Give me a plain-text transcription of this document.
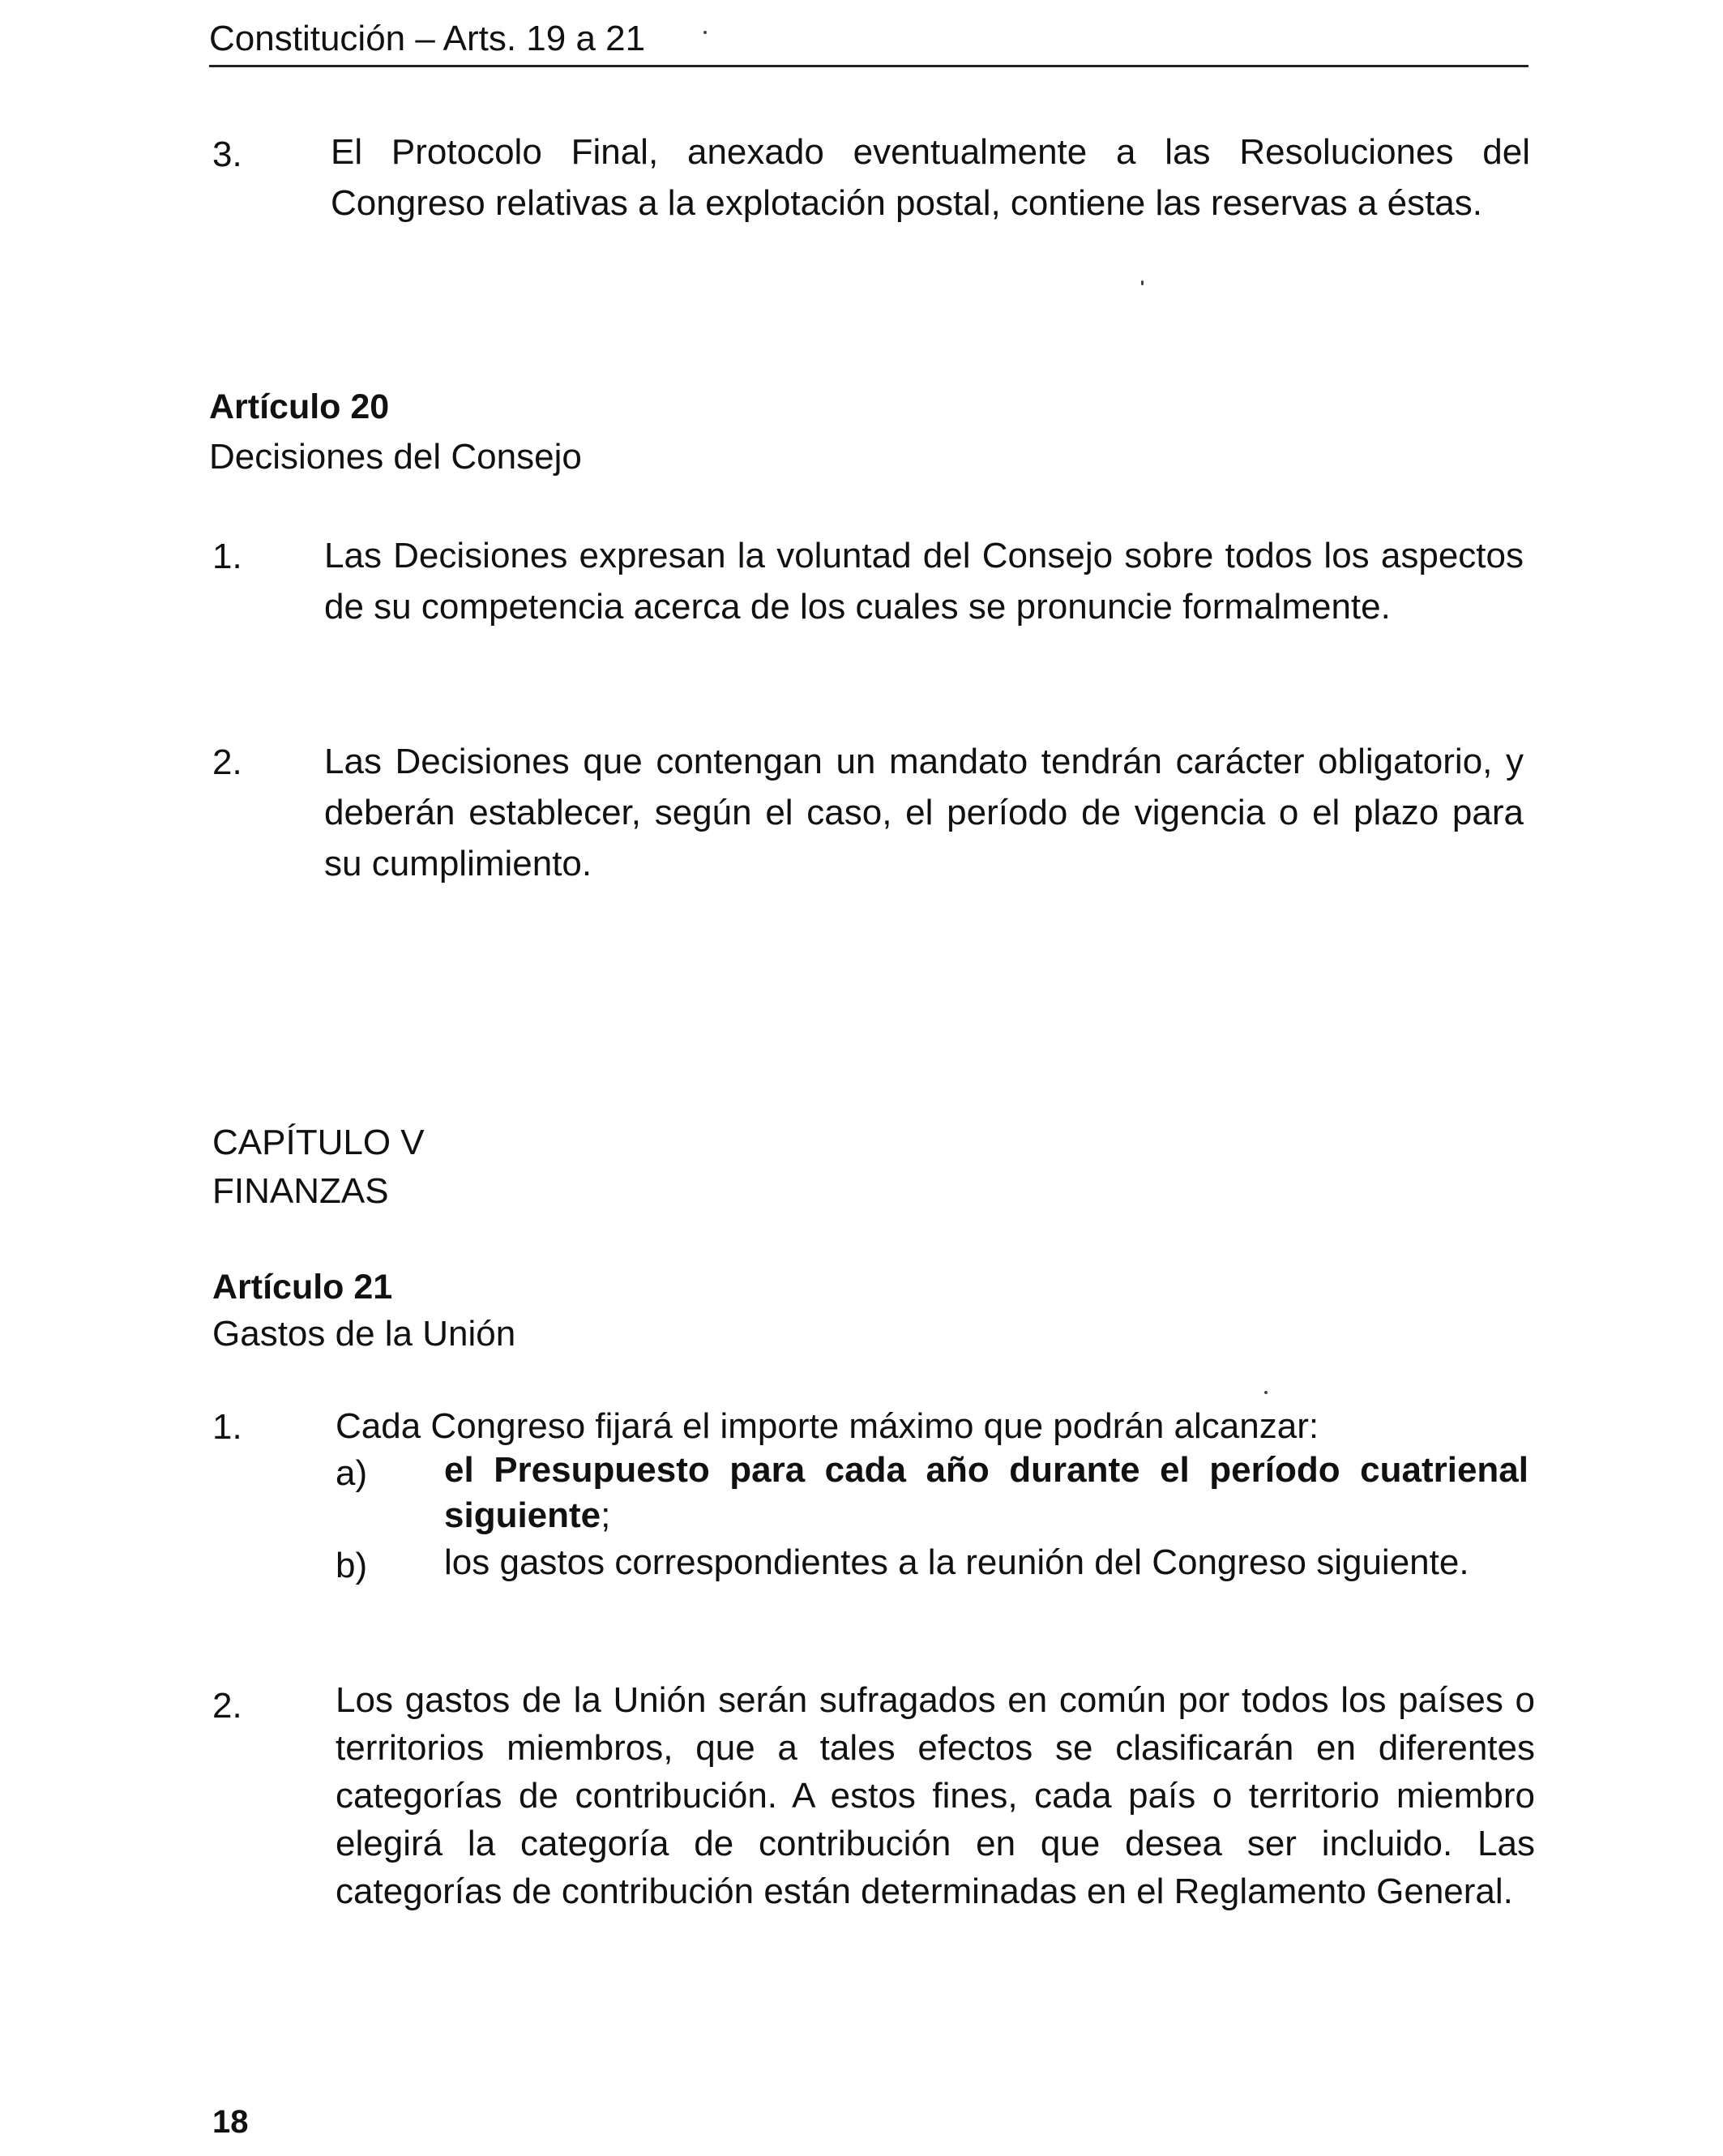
Constitución – Arts. 19 a 21
3. El Protocolo Final, anexado eventualmente a las Resoluciones del Congreso relativas a la explotación postal, contiene las reservas a éstas.
Artículo 20
Decisiones del Consejo
1. Las Decisiones expresan la voluntad del Consejo sobre todos los aspectos de su competencia acerca de los cuales se pronuncie formalmente.
2. Las Decisiones que contengan un mandato tendrán carácter obligatorio, y deberán establecer, según el caso, el período de vigencia o el plazo para su cumplimiento.
CAPÍTULO V
FINANZAS
Artículo 21
Gastos de la Unión
1.	Cada Congreso fijará el importe máximo que podrán alcanzar:
a) el Presupuesto para cada año durante el período cuatrienal siguiente;
b) los gastos correspondientes a la reunión del Congreso siguiente.
2.	Los gastos de la Unión serán sufragados en común por todos los países o territorios miembros, que a tales efectos se clasificarán en diferentes categorías de contribución. A estos fines, cada país o territorio miembro elegirá la categoría de contribución en que desea ser incluido. Las categorías de contribución están determinadas en el Reglamento General.
18
